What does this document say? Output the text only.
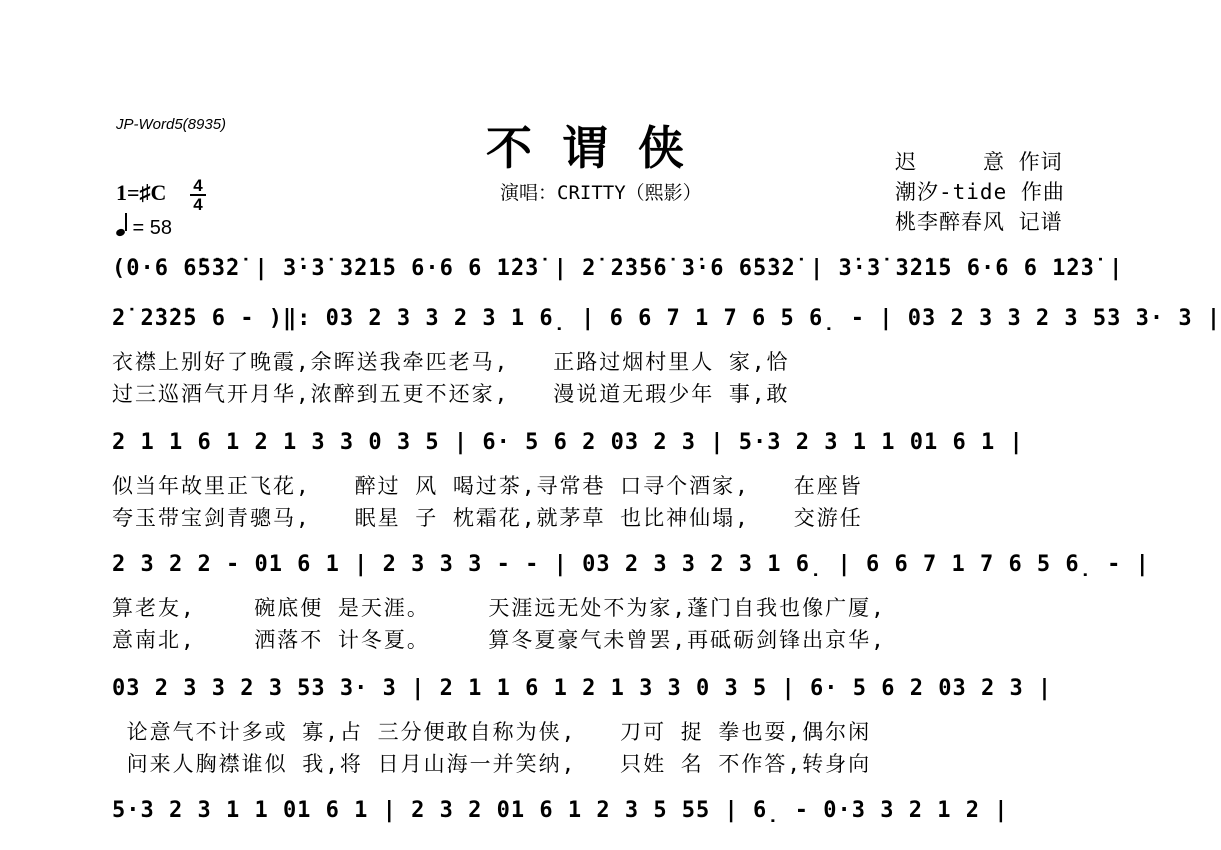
JP-Word5(8935)	不谓侠
演唱：CRITTY（熙影）
迟　　　意 作词
潮汐-tide 作曲
桃李醉春风 记谱
1=♯C 4
4
= 58
(0·6 6̇5̇3̇2̇ | 3̇·3̇ 3̇2̇1̇5 6·6 6 1̇2̇3̇ | 2̇ 2̇3̇5̇6̇ 3̇·6 6̇5̇3̇2̇ | 3̇·3̇ 3̇2̇1̇5 6·6 6 1̇2̇3̇ |
2̇ 2̇3̇2̇5 6 - )‖: 03 2 3 3 2 3 1 6̣ | 6 6 7 1 7 6 5 6̣ - | 03 2 3 3 2 3 53 3· 3 |
衣襟上别好了晚霞,余晖送我牵匹老马,   正路过烟村里人 家,恰
过三巡酒气开月华,浓醉到五更不还家,   漫说道无瑕少年 事,敢
2 1 1 6 1 2 1 3 3 0 3 5 | 6· 5 6 2 03 2 3 | 5·3 2 3 1 1 01 6 1 |
似当年故里正飞花,   醉过 风 喝过茶,寻常巷 口寻个酒家,   在座皆
夸玉带宝剑青骢马,   眠星 子 枕霜花,就茅草 也比神仙塌,   交游任
2 3 2 2 - 01 6 1 | 2 3 3 3 - - | 03 2 3 3 2 3 1 6̣ | 6 6 7 1 7 6 5 6̣ - |
算老友,    碗底便 是天涯。    天涯远无处不为家,蓬门自我也像广厦,
意南北,    洒落不 计冬夏。    算冬夏豪气未曾罢,再砥砺剑锋出京华,
03 2 3 3 2 3 53 3· 3 | 2 1 1 6 1 2 1 3 3 0 3 5 | 6· 5 6 2 03 2 3 |
论意气不计多或 寡,占 三分便敢自称为侠,   刀可 捉 拳也耍,偶尔闲
问来人胸襟谁似 我,将 日月山海一并笑纳,   只姓 名 不作答,转身向
5·3 2 3 1 1 01 6 1 | 2 3 2 01 6 1 2 3 5 55 | 6̣ - 0·3 3 2 1 2 |
